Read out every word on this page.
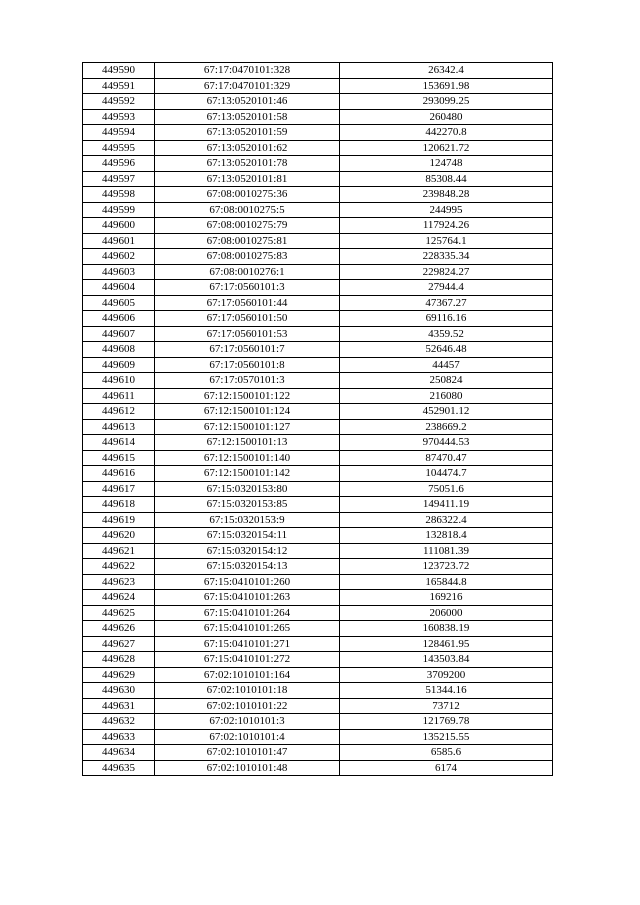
449590	67:17:0470101:328	26342.4
449591	67:17:0470101:329	153691.98
449592	67:13:0520101:46	293099.25
449593	67:13:0520101:58	260480
449594	67:13:0520101:59	442270.8
449595	67:13:0520101:62	120621.72
449596	67:13:0520101:78	124748
449597	67:13:0520101:81	85308.44
449598	67:08:0010275:36	239848.28
449599	67:08:0010275:5	244995
449600	67:08:0010275:79	117924.26
449601	67:08:0010275:81	125764.1
449602	67:08:0010275:83	228335.34
449603	67:08:0010276:1	229824.27
449604	67:17:0560101:3	27944.4
449605	67:17:0560101:44	47367.27
449606	67:17:0560101:50	69116.16
449607	67:17:0560101:53	4359.52
449608	67:17:0560101:7	52646.48
449609	67:17:0560101:8	44457
449610	67:17:0570101:3	250824
449611	67:12:1500101:122	216080
449612	67:12:1500101:124	452901.12
449613	67:12:1500101:127	238669.2
449614	67:12:1500101:13	970444.53
449615	67:12:1500101:140	87470.47
449616	67:12:1500101:142	104474.7
449617	67:15:0320153:80	75051.6
449618	67:15:0320153:85	149411.19
449619	67:15:0320153:9	286322.4
449620	67:15:0320154:11	132818.4
449621	67:15:0320154:12	111081.39
449622	67:15:0320154:13	123723.72
449623	67:15:0410101:260	165844.8
449624	67:15:0410101:263	169216
449625	67:15:0410101:264	206000
449626	67:15:0410101:265	160838.19
449627	67:15:0410101:271	128461.95
449628	67:15:0410101:272	143503.84
449629	67:02:1010101:164	3709200
449630	67:02:1010101:18	51344.16
449631	67:02:1010101:22	73712
449632	67:02:1010101:3	121769.78
449633	67:02:1010101:4	135215.55
449634	67:02:1010101:47	6585.6
449635	67:02:1010101:48	6174
